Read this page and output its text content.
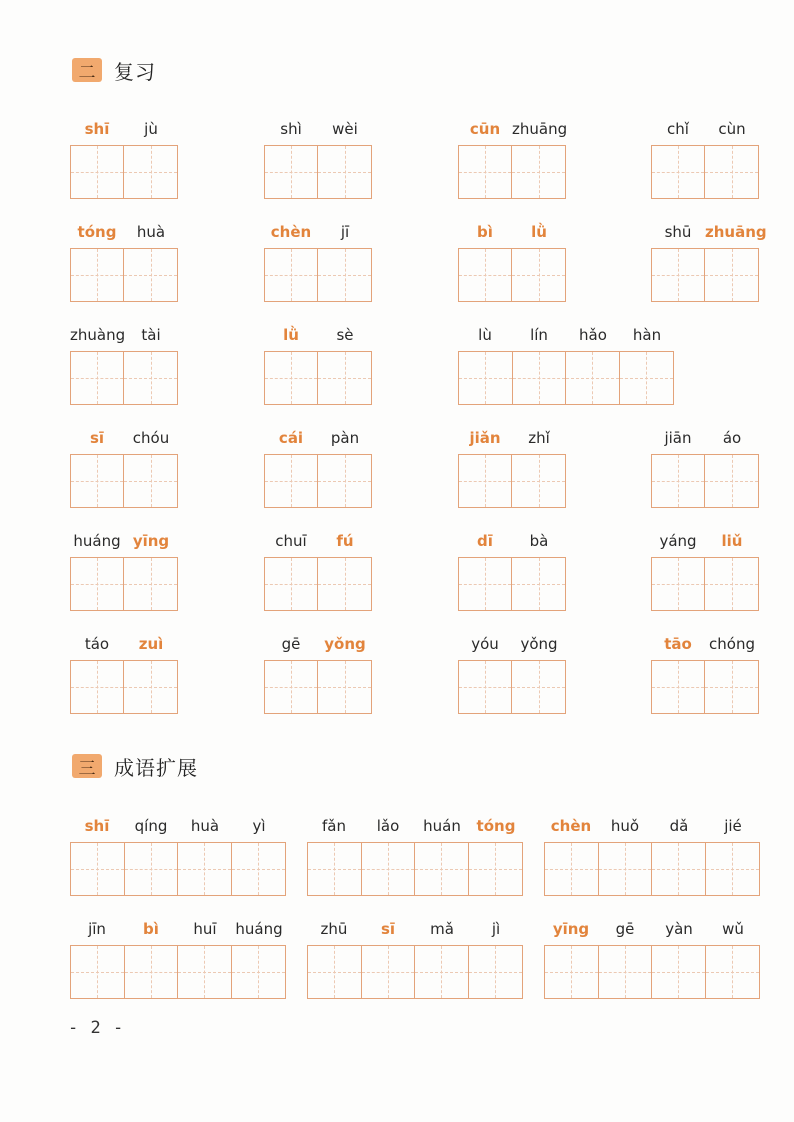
二 复习
三 成语扩展
shī	jù	shì	wèi	cūn zhuāng	chǐ	cùn
tóng	huà	chèn	jī	bì	lǜ	shū zhuāng
zhuàng	tài	lǜ	sè	lù	lín	hǎo	hàn
sī	chóu	cái	pàn	jiǎn	zhǐ	jiān	áo
huáng yīng	chuī	fú	dī	bà	yáng	liǔ
táo	zuì	gē	yǒng	yóu	yǒng	tāo	chóng
shī	qíng	huà	yì	fǎn	lǎo	huán	tóng	chèn	huǒ	dǎ	jié
jīn	bì	huī	huáng	zhū	sī	mǎ	jì	yīng	gē	yàn	wǔ
- 2 -
